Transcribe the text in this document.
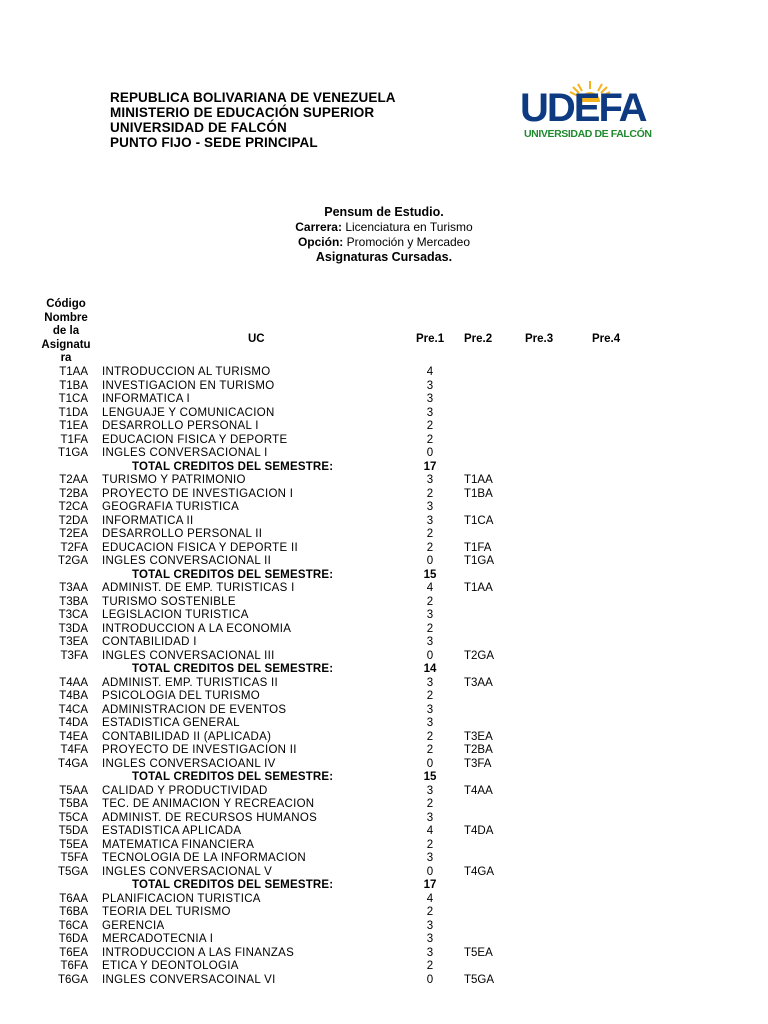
REPUBLICA BOLIVARIANA DE VENEZUELA
MINISTERIO DE EDUCACIÓN SUPERIOR
UNIVERSIDAD DE FALCÓN
PUNTO FIJO - SEDE PRINCIPAL
UDEFA
UNIVERSIDAD DE FALCÓN
Pensum de Estudio.
Carrera: Licenciatura en Turismo
Opción: Promoción y Mercadeo
Asignaturas Cursadas.
Código
Nombre
de la
Asignatu
ra
UC	Pre.1 Pre.2	Pre.3	Pre.4
T1AA INTRODUCCION AL TURISMO	4
T1BA INVESTIGACION EN TURISMO	3
T1CA INFORMATICA I	3
T1DA LENGUAJE Y COMUNICACION	3
T1EA DESARROLLO PERSONAL I	2
T1FA EDUCACION FISICA Y DEPORTE	2
T1GA INGLES CONVERSACIONAL I	0
TOTAL CREDITOS DEL SEMESTRE:	17
T2AA TURISMO Y PATRIMONIO	3	T1AA
T2BA PROYECTO DE INVESTIGACION I	2	T1BA
T2CA GEOGRAFIA TURISTICA	3
T2DA INFORMATICA II	3	T1CA
T2EA DESARROLLO PERSONAL II	2
T2FA EDUCACION FISICA Y DEPORTE II	2	T1FA
T2GA INGLES CONVERSACIONAL II	0	T1GA
TOTAL CREDITOS DEL SEMESTRE:	15
T3AA ADMINIST. DE EMP. TURISTICAS I	4	T1AA
T3BA TURISMO SOSTENIBLE	2
T3CA LEGISLACION TURISTICA	3
T3DA INTRODUCCION A LA ECONOMIA	2
T3EA CONTABILIDAD I	3
T3FA INGLES CONVERSACIONAL III	0	T2GA
TOTAL CREDITOS DEL SEMESTRE:	14
T4AA ADMINIST. EMP. TURISTICAS II	3	T3AA
T4BA PSICOLOGIA DEL TURISMO	2
T4CA ADMINISTRACION DE EVENTOS	3
T4DA ESTADISTICA GENERAL	3
T4EA CONTABILIDAD II (APLICADA)	2	T3EA
T4FA PROYECTO DE INVESTIGACION II	2	T2BA
T4GA INGLES CONVERSACIOANL IV	0	T3FA
TOTAL CREDITOS DEL SEMESTRE:	15
T5AA CALIDAD Y PRODUCTIVIDAD	3	T4AA
T5BA TEC. DE ANIMACION Y RECREACION	2
T5CA ADMINIST. DE RECURSOS HUMANOS	3
T5DA ESTADISTICA APLICADA	4	T4DA
T5EA MATEMATICA FINANCIERA	2
T5FA TECNOLOGIA DE LA INFORMACION	3
T5GA INGLES CONVERSACIONAL V	0	T4GA
TOTAL CREDITOS DEL SEMESTRE:	17
T6AA PLANIFICACION TURISTICA	4
T6BA TEORIA DEL TURISMO	2
T6CA GERENCIA	3
T6DA MERCADOTECNIA I	3
T6EA INTRODUCCION A LAS FINANZAS	3	T5EA
T6FA ETICA Y DEONTOLOGIA	2
T6GA INGLES CONVERSACOINAL VI	0	T5GA
